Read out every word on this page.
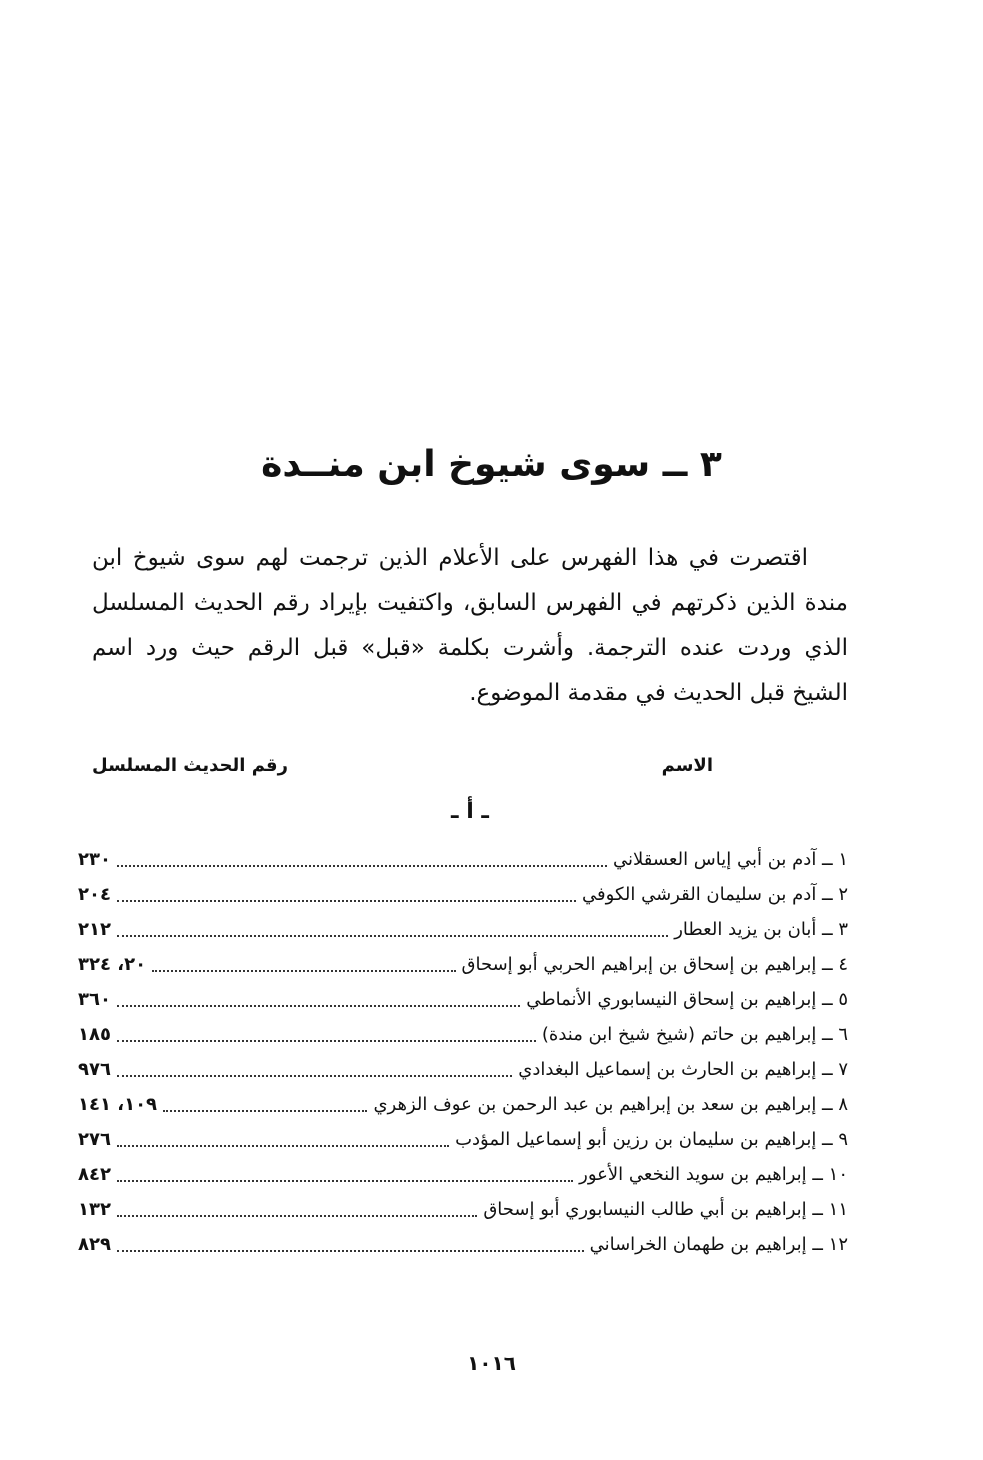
٣ ــ سوى شيوخ ابن منــدة

اقتصرت في هذا الفهرس على الأعلام الذين ترجمت لهم سوى شيوخ ابن مندة الذين ذكرتهم في الفهرس السابق، واكتفيت بإيراد رقم الحديث المسلسل الذي وردت عنده الترجمة. وأشرت بكلمة «قبل» قبل الرقم حيث ورد اسم الشيخ قبل الحديث في مقدمة الموضوع.

الاسم
رقم الحديث المسلسل
ـ أ ـ
١ ــ آدم بن أبي إياس العسقلاني
٢٣٠
٢ ــ آدم بن سليمان القرشي الكوفي
٢٠٤
٣ ــ أبان بن يزيد العطار
٢١٢
٤ ــ إبراهيم بن إسحاق بن إبراهيم الحربي أبو إسحاق
٢٠، ٣٢٤
٥ ــ إبراهيم بن إسحاق النيسابوري الأنماطي
٣٦٠
٦ ــ إبراهيم بن حاتم (شيخ شيخ ابن مندة)
١٨٥
٧ ــ إبراهيم بن الحارث بن إسماعيل البغدادي
٩٧٦
٨ ــ إبراهيم بن سعد بن إبراهيم بن عبد الرحمن بن عوف الزهري
١٠٩، ١٤١
٩ ــ إبراهيم بن سليمان بن رزين أبو إسماعيل المؤدب
٢٧٦
١٠ ــ إبراهيم بن سويد النخعي الأعور
٨٤٢
١١ ــ إبراهيم بن أبي طالب النيسابوري أبو إسحاق
١٣٢
١٢ ــ إبراهيم بن طهمان الخراساني
٨٢٩
١٠١٦
